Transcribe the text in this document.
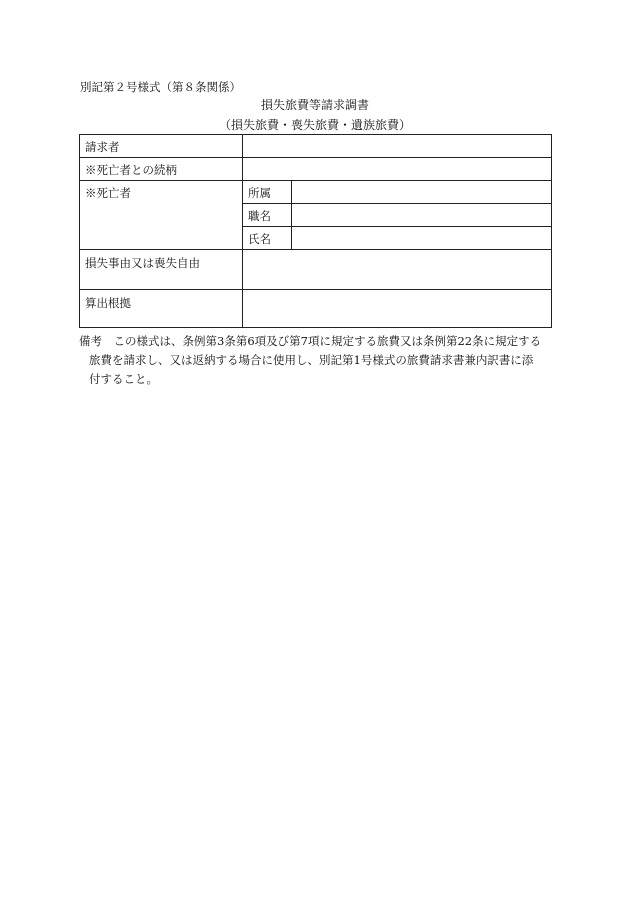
別記第２号様式（第８条関係）
損失旅費等請求調書
（損失旅費・喪失旅費・遺族旅費）
請求者
※死亡者との続柄
※死亡者	所属
職名
氏名
損失事由又は喪失自由
算出根拠
備考　この様式は、条例第3条第6項及び第7項に規定する旅費又は条例第22条に規定する
旅費を請求し、又は返納する場合に使用し、別記第1号様式の旅費請求書兼内訳書に添
付すること。
